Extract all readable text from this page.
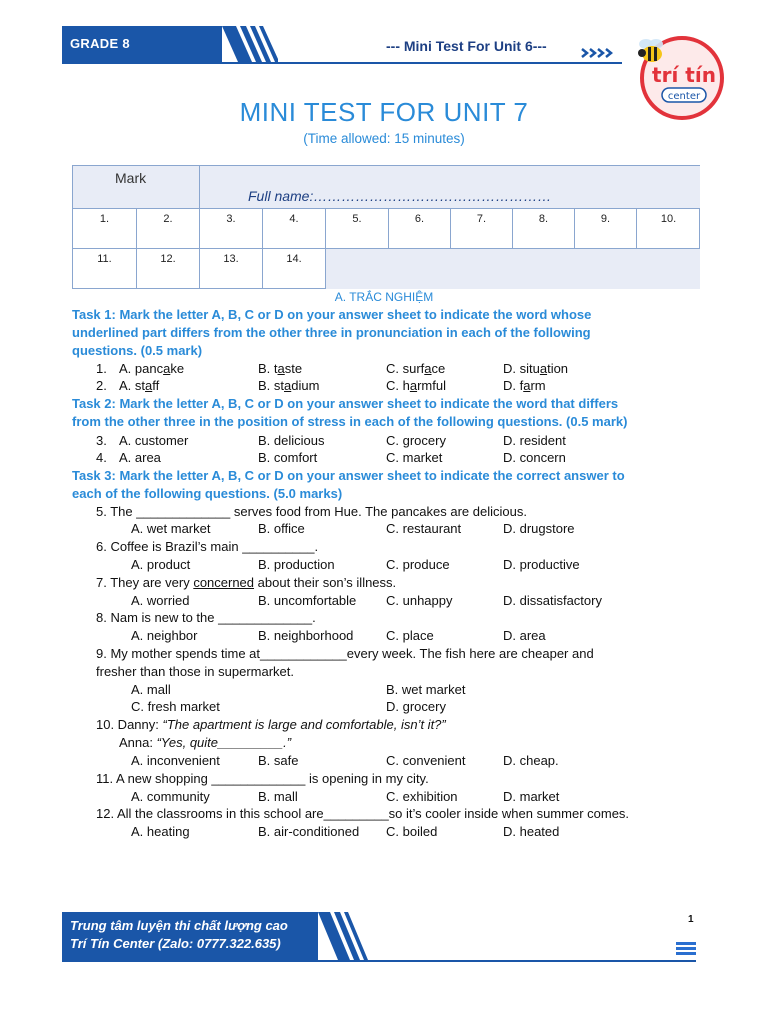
GRADE 8	--- Mini Test For Unit 6---
trí tín
center
MINI TEST FOR UNIT 7
(Time allowed: 15 minutes)
Mark
Full name:……………………………………………
1.	2.	3.	4.	5.	6.	7.	8.	9.	10.
11.	12.	13.	14.
A. TRẮC NGHIỆM
Task 1: Mark the letter A, B, C or D on your answer sheet to indicate the word whose
underlined part differs from the other three in pronunciation in each of the following
questions. (0.5 mark)
1. A. pancake	B. taste	C. surface	D. situation
2. A. staff	B. stadium	C. harmful	D. farm
Task 2: Mark the letter A, B, C or D on your answer sheet to indicate the word that differs
from the other three in the position of stress in each of the following questions. (0.5 mark)
3. A. customer	B. delicious	C. grocery	D. resident
4. A. area	B. comfort	C. market	D. concern
Task 3: Mark the letter A, B, C or D on your answer sheet to indicate the correct answer to
each of the following questions. (5.0 marks)
5. The _____________ serves food from Hue. The pancakes are delicious.
A. wet market	B. office	C. restaurant	D. drugstore
6. Coffee is Brazil’s main __________.
A. product	B. production	C. produce	D. productive
7. They are very concerned about their son’s illness.
A. worried	B. uncomfortable C. unhappy	D. dissatisfactory
8. Nam is new to the _____________.
A. neighbor	B. neighborhood	C. place	D. area
9. My mother spends time at____________every week. The fish here are cheaper and
fresher than those in supermarket.
A. mall	B. wet market
C. fresh market	D. grocery
10. Danny: “The apartment is large and comfortable, isn’t it?”
Anna: “Yes, quite_________.”
A. inconvenient	B. safe	C. convenient	D. cheap.
11. A new shopping _____________ is opening in my city.
A. community	B. mall	C. exhibition	D. market
12. All the classrooms in this school are_________so it’s cooler inside when summer comes.
A. heating	B. air-conditioned C. boiled	D. heated
Trung tâm luyện thi chất lượng cao
Trí Tín Center (Zalo: 0777.322.635)
1
